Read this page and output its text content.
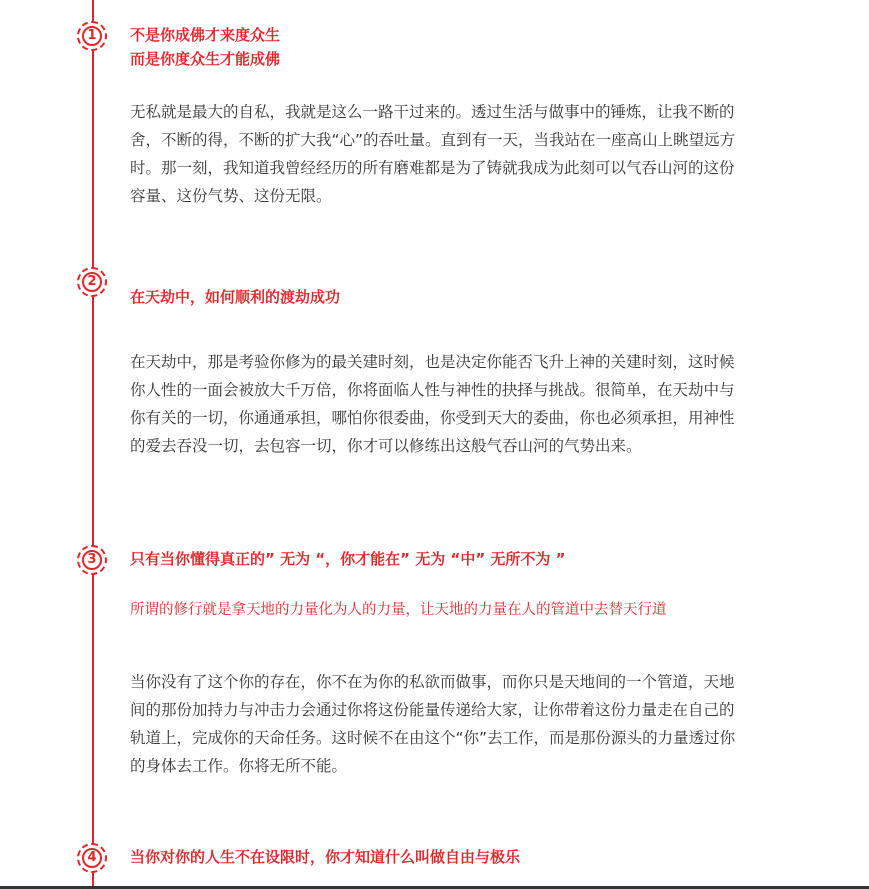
1	不是你成佛才来度众生
而是你度众生才能成佛
无私就是最大的自私，我就是这么一路干过来的。透过生活与做事中的锤炼，让我不断的舍，不断的得，不断的扩大我“心”的吞吐量。直到有一天，当我站在一座高山上眺望远方时。那一刻，我知道我曾经经历的所有磨难都是为了铸就我成为此刻可以气吞山河的这份容量、这份气势、这份无限。
2
在天劫中，如何顺利的渡劫成功
在天劫中，那是考验你修为的最关建时刻，也是决定你能否飞升上神的关建时刻，这时候你人性的一面会被放大千万倍，你将面临人性与神性的抉择与挑战。很简单，在天劫中与你有关的一切，你通通承担，哪怕你很委曲，你受到天大的委曲，你也必须承担，用神性的爱去吞没一切，去包容一切，你才可以修练出这般气吞山河的气势出来。
3	只有当你懂得真正的” 无为 “，你才能在” 无为 “中” 无所不为 ”
所谓的修行就是拿天地的力量化为人的力量，让天地的力量在人的管道中去替天行道
当你没有了这个你的存在，你不在为你的私欲而做事，而你只是天地间的一个管道，天地间的那份加持力与冲击力会通过你将这份能量传递给大家，让你带着这份力量走在自己的轨道上，完成你的天命任务。这时候不在由这个“你”去工作，而是那份源头的力量透过你的身体去工作。你将无所不能。
4	当你对你的人生不在设限时，你才知道什么叫做自由与极乐
